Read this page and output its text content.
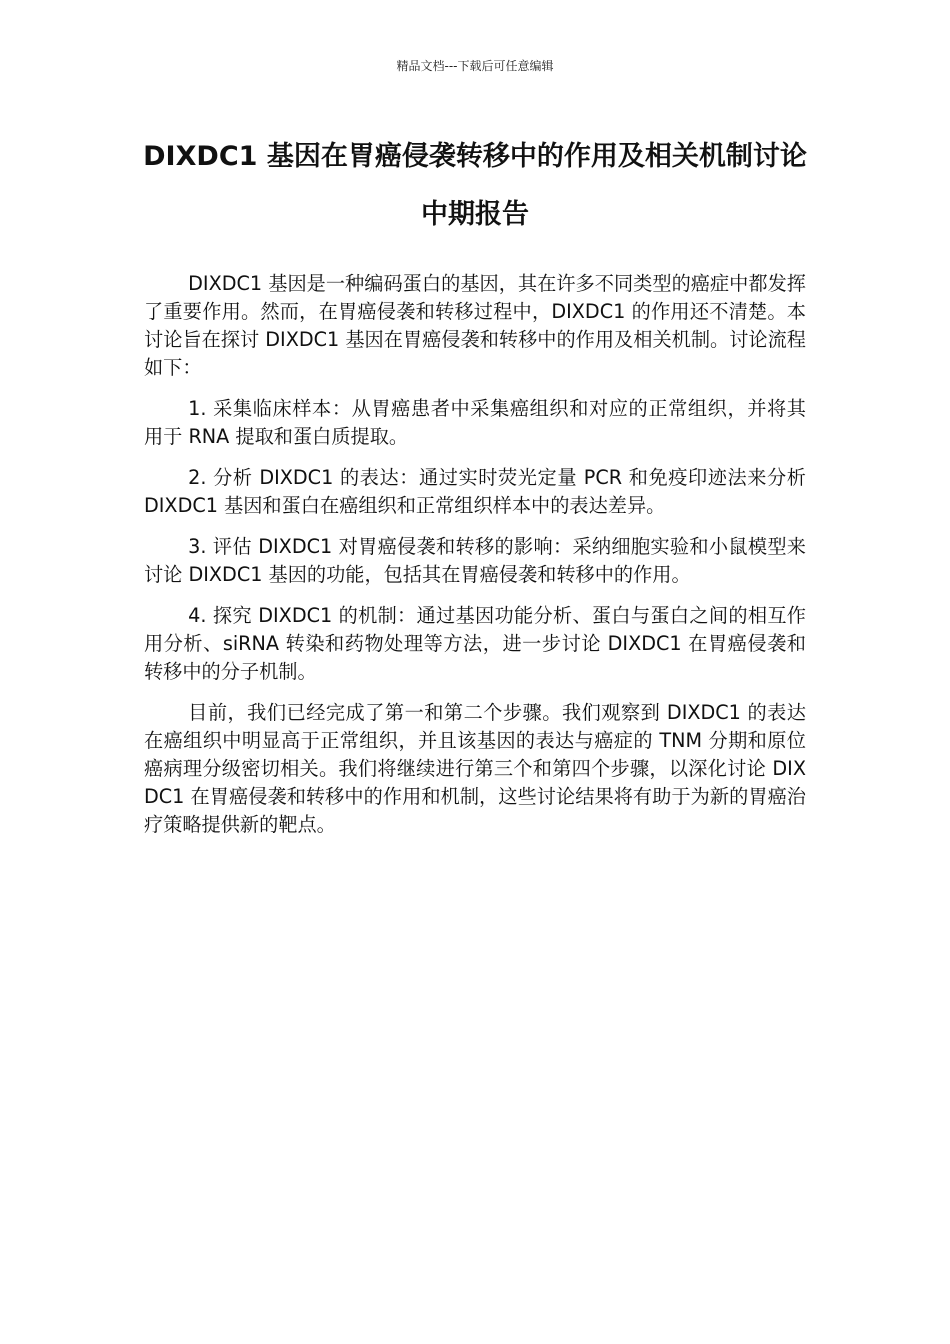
精品文档---下载后可任意编辑
DIXDC1 基因在胃癌侵袭转移中的作用及相关机制讨论中期报告

DIXDC1 基因是一种编码蛋白的基因，其在许多不同类型的癌症中都发挥了重要作用。然而，在胃癌侵袭和转移过程中，DIXDC1 的作用还不清楚。本讨论旨在探讨 DIXDC1 基因在胃癌侵袭和转移中的作用及相关机制。讨论流程如下：

1. 采集临床样本：从胃癌患者中采集癌组织和对应的正常组织，并将其用于 RNA 提取和蛋白质提取。

2. 分析 DIXDC1 的表达：通过实时荧光定量 PCR 和免疫印迹法来分析 DIXDC1 基因和蛋白在癌组织和正常组织样本中的表达差异。

3. 评估 DIXDC1 对胃癌侵袭和转移的影响：采纳细胞实验和小鼠模型来讨论 DIXDC1 基因的功能，包括其在胃癌侵袭和转移中的作用。

4. 探究 DIXDC1 的机制：通过基因功能分析、蛋白与蛋白之间的相互作用分析、siRNA 转染和药物处理等方法，进一步讨论 DIXDC1 在胃癌侵袭和转移中的分子机制。

目前，我们已经完成了第一和第二个步骤。我们观察到 DIXDC1 的表达在癌组织中明显高于正常组织，并且该基因的表达与癌症的 TNM 分期和原位癌病理分级密切相关。我们将继续进行第三个和第四个步骤，以深化讨论 DIXDC1 在胃癌侵袭和转移中的作用和机制，这些讨论结果将有助于为新的胃癌治疗策略提供新的靶点。
